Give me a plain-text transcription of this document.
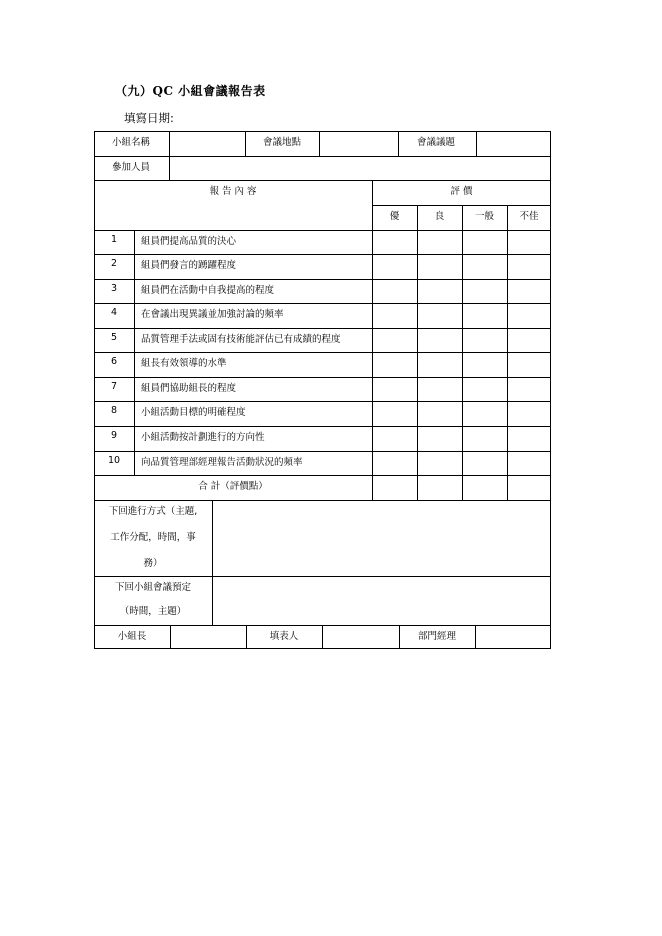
（九）QC 小組會議報告表
填寫日期:
小組名稱	會議地點	會議議題
參加人員
報 告 內 容	評 價
優	良	一般	不佳
1	組員們提高品質的決心
2	組員們發言的踴躍程度
3	組員們在活動中自我提高的程度
4	在會議出現異議並加強討論的頻率
5	品質管理手法或固有技術能評估已有成績的程度
6	組長有效領導的水準
7	組員們協助組長的程度
8	小組活動目標的明確程度
9	小組活動按計劃進行的方向性
10 向品質管理部經理報告活動狀況的頻率
合 計（評價點）
下回進行方式（主題,
工作分配，時間，事
務）
下回小組會議預定
（時間，主題）
小組長	填表人	部門經理
